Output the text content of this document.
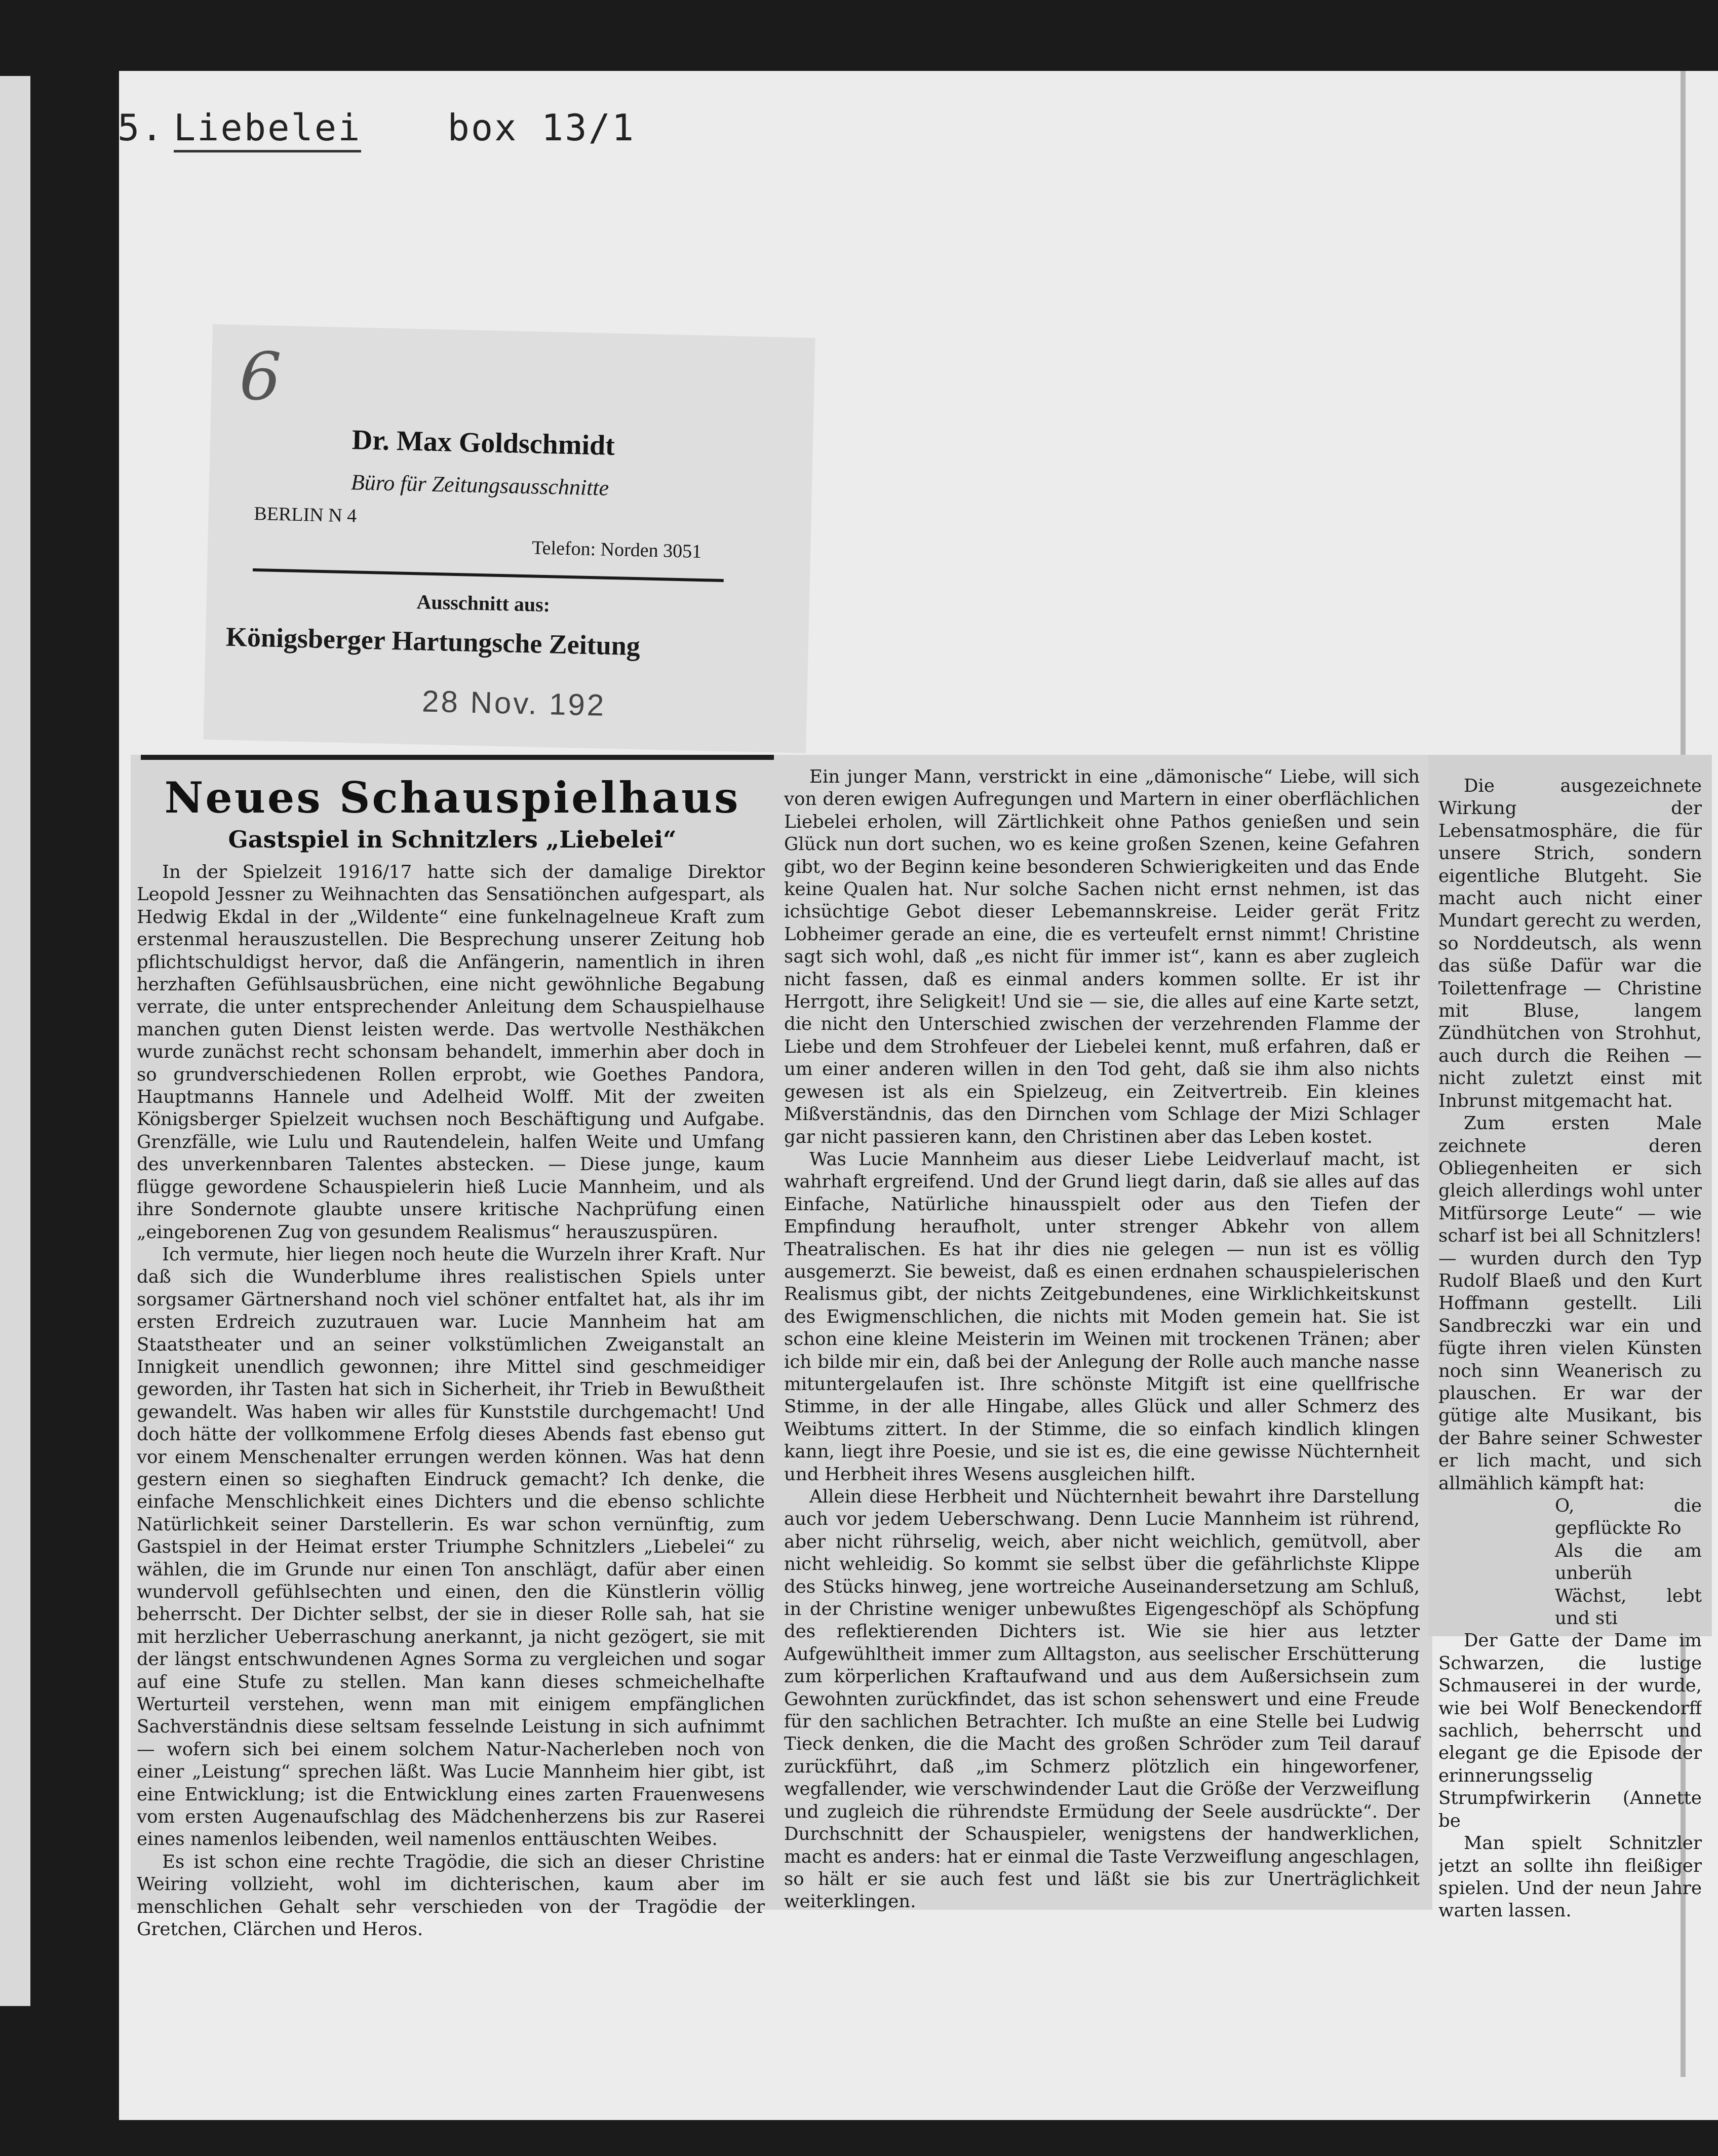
5. Liebelei box 13/1
6
Dr. Max Goldschmidt
Büro für Zeitungsausschnitte
BERLIN N 4
Telefon: Norden 3051
Ausschnitt aus:
Königsberger Hartungsche Zeitung
28 Nov. 192
Neues Schauspielhaus
Gastspiel in Schnitzlers „Liebelei“

In der Spielzeit 1916/17 hatte sich der damalige Direktor Leopold Jessner zu Weihnachten das Sensatiönchen aufgespart, als Hedwig Ekdal in der „Wildente“ eine funkelnagelneue Kraft zum erstenmal herauszustellen. Die Besprechung unserer Zeitung hob pflichtschuldigst hervor, daß die Anfängerin, namentlich in ihren herzhaften Gefühlsausbrüchen, eine nicht gewöhnliche Begabung verrate, die unter entsprechender Anleitung dem Schauspielhause manchen guten Dienst leisten werde. Das wertvolle Nesthäkchen wurde zunächst recht schonsam behandelt, immerhin aber doch in so grundverschiedenen Rollen erprobt, wie Goethes Pandora, Hauptmanns Hannele und Adelheid Wolff. Mit der zweiten Königsberger Spielzeit wuchsen noch Beschäftigung und Aufgabe. Grenzfälle, wie Lulu und Rautendelein, halfen Weite und Umfang des unverkennbaren Talentes abstecken. — Diese junge, kaum flügge gewordene Schauspielerin hieß Lucie Mannheim, und als ihre Sondernote glaubte unsere kritische Nachprüfung einen „eingeborenen Zug von gesundem Realismus“ herauszuspüren.

Ich vermute, hier liegen noch heute die Wurzeln ihrer Kraft. Nur daß sich die Wunderblume ihres realistischen Spiels unter sorgsamer Gärtnershand noch viel schöner entfaltet hat, als ihr im ersten Erdreich zuzutrauen war. Lucie Mannheim hat am Staatstheater und an seiner volkstümlichen Zweiganstalt an Innigkeit unendlich gewonnen; ihre Mittel sind geschmeidiger geworden, ihr Tasten hat sich in Sicherheit, ihr Trieb in Bewußtheit gewandelt. Was haben wir alles für Kunststile durchgemacht! Und doch hätte der vollkommene Erfolg dieses Abends fast ebenso gut vor einem Menschenalter errungen werden können. Was hat denn gestern einen so sieghaften Eindruck gemacht? Ich denke, die einfache Menschlichkeit eines Dichters und die ebenso schlichte Natürlichkeit seiner Darstellerin. Es war schon vernünftig, zum Gastspiel in der Heimat erster Triumphe Schnitzlers „Liebelei“ zu wählen, die im Grunde nur einen Ton anschlägt, dafür aber einen wundervoll gefühlsechten und einen, den die Künstlerin völlig beherrscht. Der Dichter selbst, der sie in dieser Rolle sah, hat sie mit herzlicher Ueberraschung anerkannt, ja nicht gezögert, sie mit der längst entschwundenen Agnes Sorma zu vergleichen und sogar auf eine Stufe zu stellen. Man kann dieses schmeichelhafte Werturteil verstehen, wenn man mit einigem empfänglichen Sachverständnis diese seltsam fesselnde Leistung in sich aufnimmt — wofern sich bei einem solchem Natur-Nacherleben noch von einer „Leistung“ sprechen läßt. Was Lucie Mannheim hier gibt, ist eine Entwicklung; ist die Entwicklung eines zarten Frauenwesens vom ersten Augenaufschlag des Mädchenherzens bis zur Raserei eines namenlos leibenden, weil namenlos enttäuschten Weibes.

Es ist schon eine rechte Tragödie, die sich an dieser Christine Weiring vollzieht, wohl im dichterischen, kaum aber im menschlichen Gehalt sehr verschieden von der Tragödie der Gretchen, Clärchen und Heros.

Ein junger Mann, verstrickt in eine „dämonische“ Liebe, will sich von deren ewigen Aufregungen und Martern in einer oberflächlichen Liebelei erholen, will Zärtlichkeit ohne Pathos genießen und sein Glück nun dort suchen, wo es keine großen Szenen, keine Gefahren gibt, wo der Beginn keine besonderen Schwierigkeiten und das Ende keine Qualen hat. Nur solche Sachen nicht ernst nehmen, ist das ichsüchtige Gebot dieser Lebemannskreise. Leider gerät Fritz Lobheimer gerade an eine, die es verteufelt ernst nimmt! Christine sagt sich wohl, daß „es nicht für immer ist“, kann es aber zugleich nicht fassen, daß es einmal anders kommen sollte. Er ist ihr Herrgott, ihre Seligkeit! Und sie — sie, die alles auf eine Karte setzt, die nicht den Unterschied zwischen der verzehrenden Flamme der Liebe und dem Strohfeuer der Liebelei kennt, muß erfahren, daß er um einer anderen willen in den Tod geht, daß sie ihm also nichts gewesen ist als ein Spielzeug, ein Zeitvertreib. Ein kleines Mißverständnis, das den Dirnchen vom Schlage der Mizi Schlager gar nicht passieren kann, den Christinen aber das Leben kostet.

Was Lucie Mannheim aus dieser Liebe Leidverlauf macht, ist wahrhaft ergreifend. Und der Grund liegt darin, daß sie alles auf das Einfache, Natürliche hinausspielt oder aus den Tiefen der Empfindung heraufholt, unter strenger Abkehr von allem Theatralischen. Es hat ihr dies nie gelegen — nun ist es völlig ausgemerzt. Sie beweist, daß es einen erdnahen schauspielerischen Realismus gibt, der nichts Zeitgebundenes, eine Wirklichkeitskunst des Ewigmenschlichen, die nichts mit Moden gemein hat. Sie ist schon eine kleine Meisterin im Weinen mit trockenen Tränen; aber ich bilde mir ein, daß bei der Anlegung der Rolle auch manche nasse mituntergelaufen ist. Ihre schönste Mitgift ist eine quellfrische Stimme, in der alle Hingabe, alles Glück und aller Schmerz des Weibtums zittert. In der Stimme, die so einfach kindlich klingen kann, liegt ihre Poesie, und sie ist es, die eine gewisse Nüchternheit und Herbheit ihres Wesens ausgleichen hilft.

Allein diese Herbheit und Nüchternheit bewahrt ihre Darstellung auch vor jedem Ueberschwang. Denn Lucie Mannheim ist rührend, aber nicht rührselig, weich, aber nicht weichlich, gemütvoll, aber nicht wehleidig. So kommt sie selbst über die gefährlichste Klippe des Stücks hinweg, jene wortreiche Auseinandersetzung am Schluß, in der Christine weniger unbewußtes Eigengeschöpf als Schöpfung des reflektierenden Dichters ist. Wie sie hier aus letzter Aufgewühltheit immer zum Alltagston, aus seelischer Erschütterung zum körperlichen Kraftaufwand und aus dem Außersichsein zum Gewohnten zurückfindet, das ist schon sehenswert und eine Freude für den sachlichen Betrachter. Ich mußte an eine Stelle bei Ludwig Tieck denken, die die Macht des großen Schröder zum Teil darauf zurückführt, daß „im Schmerz plötzlich ein hingeworfener, wegfallender, wie verschwindender Laut die Größe der Verzweiflung und zugleich die rührendste Ermüdung der Seele ausdrückte“. Der Durchschnitt der Schauspieler, wenigstens der handwerklichen, macht es anders: hat er einmal die Taste Verzweiflung angeschlagen, so hält er sie auch fest und läßt sie bis zur Unerträglichkeit weiterklingen.

Die ausgezeichnete Wirkung der Lebensatmosphäre, die für unsere Strich, sondern eigentliche Blutgeht. Sie macht auch nicht einer Mundart gerecht zu werden, so Norddeutsch, als wenn das süße Dafür war die Toilettenfrage — Christine mit Bluse, langem Zündhütchen von Strohhut, auch durch die Reihen — nicht zuletzt einst mit Inbrunst mitgemacht hat.

Zum ersten Male zeichnete deren Obliegenheiten er sich gleich allerdings wohl unter Mitfürsorge Leute“ — wie scharf ist bei all Schnitzlers! — wurden durch den Typ Rudolf Blaeß und den Kurt Hoffmann gestellt. Lili Sandbreczki war ein und fügte ihren vielen Künsten noch sinn Weanerisch zu plauschen. Er war der gütige alte Musikant, bis der Bahre seiner Schwester er lich macht, und sich allmählich kämpft hat:

O, die gepflückte Ro

Als die am unberüh

Wächst, lebt und sti

Der Gatte der Dame im Schwarzen, die lustige Schmauserei in der wurde, wie bei Wolf Beneckendorff sachlich, beherrscht und elegant ge die Episode der erinnerungsselig Strumpfwirkerin (Annette be

Man spielt Schnitzler jetzt an sollte ihn fleißiger spielen. Und der neun Jahre warten lassen.
